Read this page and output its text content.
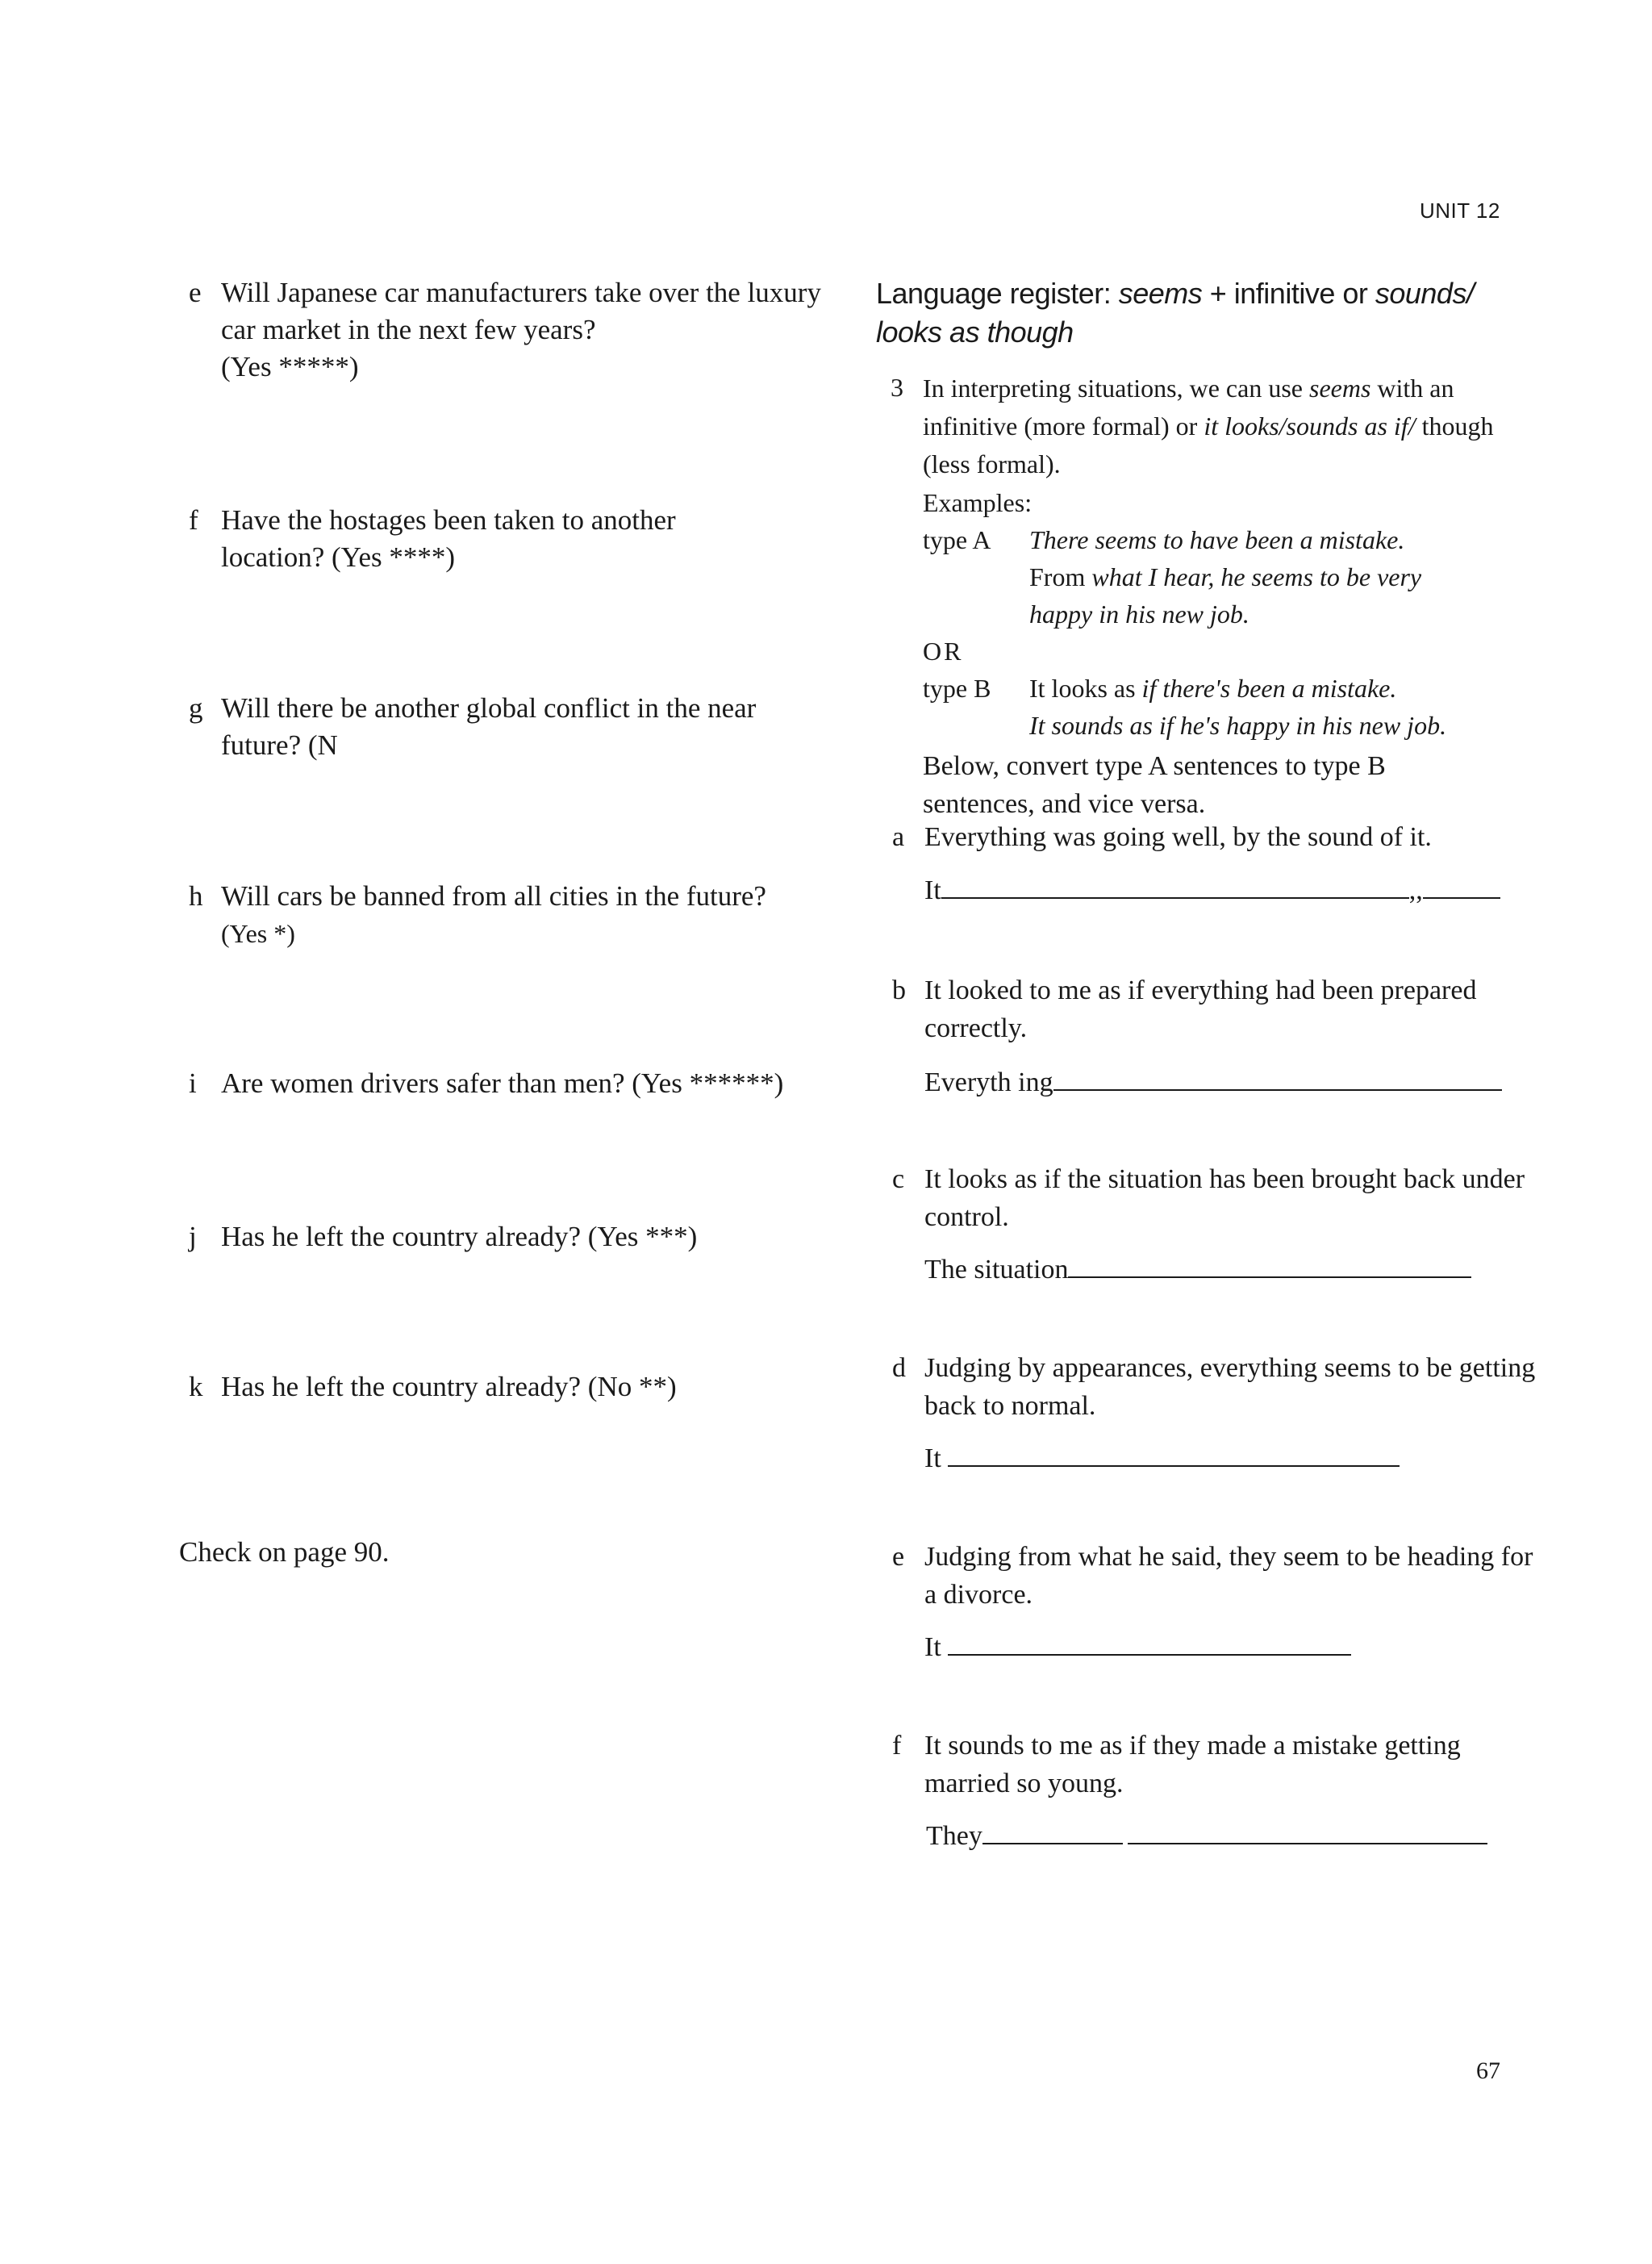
UNIT 12
e Will Japanese car manufacturers take over the luxury car market in the next few years?
(Yes *****)
f Have the hostages been taken to another location? (Yes ****)
g Will there be another global conflict in the near future? (N
h Will cars be banned from all cities in the future?
(Yes *)
i Are women drivers safer than men? (Yes ******)
j Has he left the country already? (Yes ***)
k Has he left the country already? (No **)
Check on page 90.
Language register: seems + infinitive or sounds/
looks as though
3 In interpreting situations, we can use seems with an infinitive (more formal) or it looks/sounds as if/ though (less formal).
Examples:
type A There seems to have been a mistake.
From what I hear, he seems to be very
happy in his new job.
OR
type B It looks as if there's been a mistake.
It sounds as if he's happy in his new job.
Below, convert type A sentences to type B sentences, and vice versa.
a Everything was going well, by the sound of it.
It	,,
b It looked to me as if everything had been prepared correctly.
Everyth ing
c It looks as if the situation has been brought back under control.
The situation
d Judging by appearances, everything seems to be getting back to normal.
It
e Judging from what he said, they seem to be heading for a divorce.
It
f It sounds to me as if they made a mistake getting married so young.
They
67
